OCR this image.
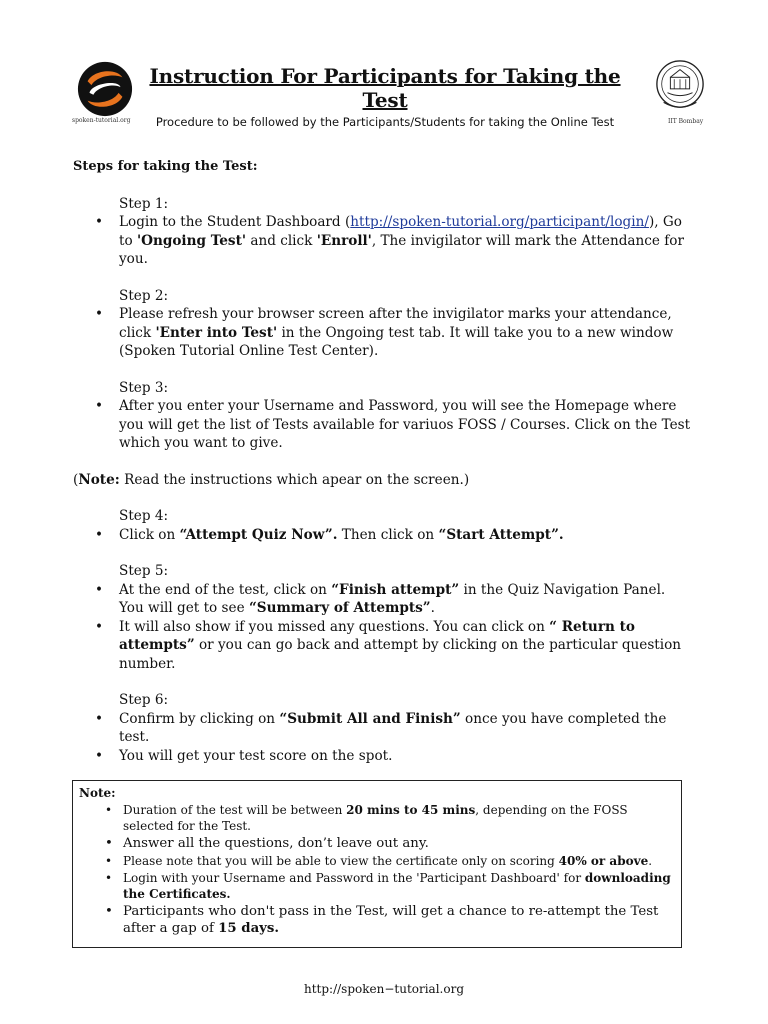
spoken-tutorial.org
Instruction For Participants for Taking the Test
Procedure to be followed by the Participants/Students for taking the Online Test	IIT Bombay
Steps for taking the Test:
Step 1:
• Login to the Student Dashboard (http://spoken-tutorial.org/participant/login/), Go to 'Ongoing Test' and click 'Enroll', The invigilator will mark the Attendance for you.
Step 2:
• Please refresh your browser screen after the invigilator marks your attendance, click 'Enter into Test' in the Ongoing test tab. It will take you to a new window (Spoken Tutorial Online Test Center).
Step 3:
• After you enter your Username and Password, you will see the Homepage where you will get the list of Tests available for variuos FOSS / Courses. Click on the Test which you want to give.
(Note: Read the instructions which apear on the screen.)
Step 4:
• Click on “Attempt Quiz Now”. Then click on “Start Attempt”.
Step 5:
• At the end of the test, click on “Finish attempt” in the Quiz Navigation Panel. You will get to see “Summary of Attempts”.
• It will also show if you missed any questions. You can click on “ Return to attempts” or you can go back and attempt by clicking on the particular question number.
Step 6:
• Confirm by clicking on “Submit All and Finish” once you have completed the test.
• You will get your test score on the spot.
Note:
• Duration of the test will be between 20 mins to 45 mins, depending on the FOSS selected for the Test.
• Answer all the questions, don’t leave out any.
• Please note that you will be able to view the certificate only on scoring 40% or above.
• Login with your Username and Password in the 'Participant Dashboard' for downloading the Certificates.
• Participants who don't pass in the Test, will get a chance to re-attempt the Test after a gap of 15 days.
http://spoken−tutorial.org
